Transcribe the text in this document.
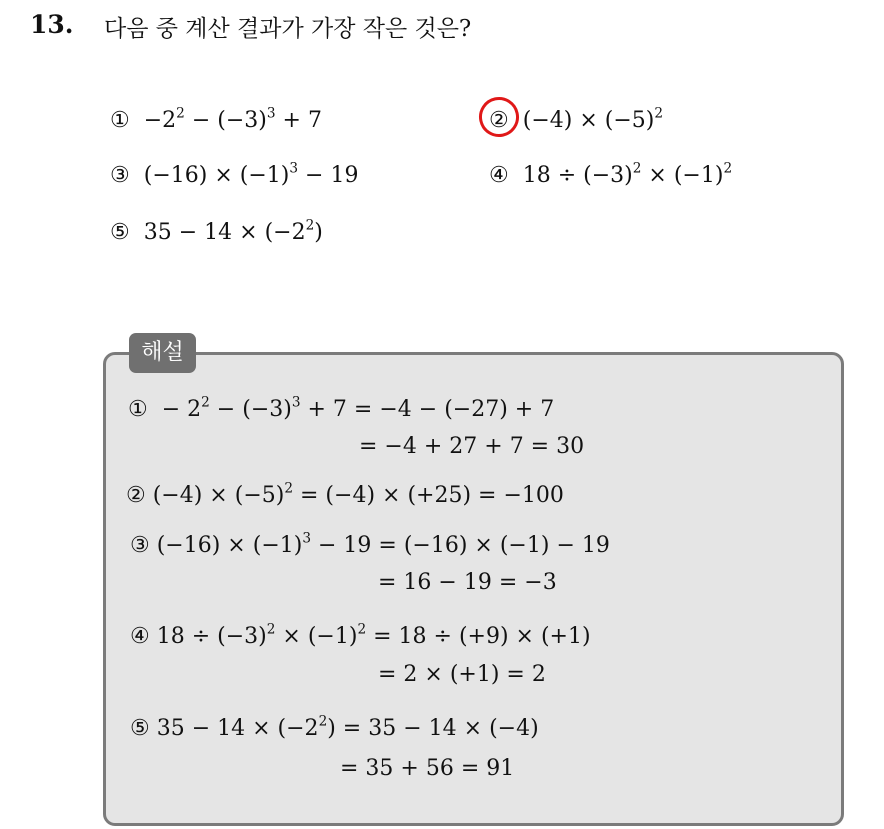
13. 다음 중 계산 결과가 가장 작은 것은?
① $-2^2 - (-3)^3 + 7$	② $(-4) \times (-5)^2$
③ $(-16) \times (-1)^3 - 19$	④ $18 \div (-3)^2 \times (-1)^2$
⑤ $35 - 14 \times (-2^2)$
해설
①  − $2^2 - (-3)^3 + 7 = -4 - (-27) + 7$
= −4 + 27 + 7 = 30
② $(-4) \times (-5)^2 = (-4) \times (+25) = -100$
③ $(-16) \times (-1)^3 - 19 = (-16) \times (-1) - 19$
= 16 − 19 = −3
④ $18 \div (-3)^2 \times (-1)^2 = 18 \div (+9) \times (+1)$
= 2 × (+1) = 2
⑤ $35 - 14 \times (-2^2) = 35 - 14 \times (-4)$
= 35 + 56 = 91
